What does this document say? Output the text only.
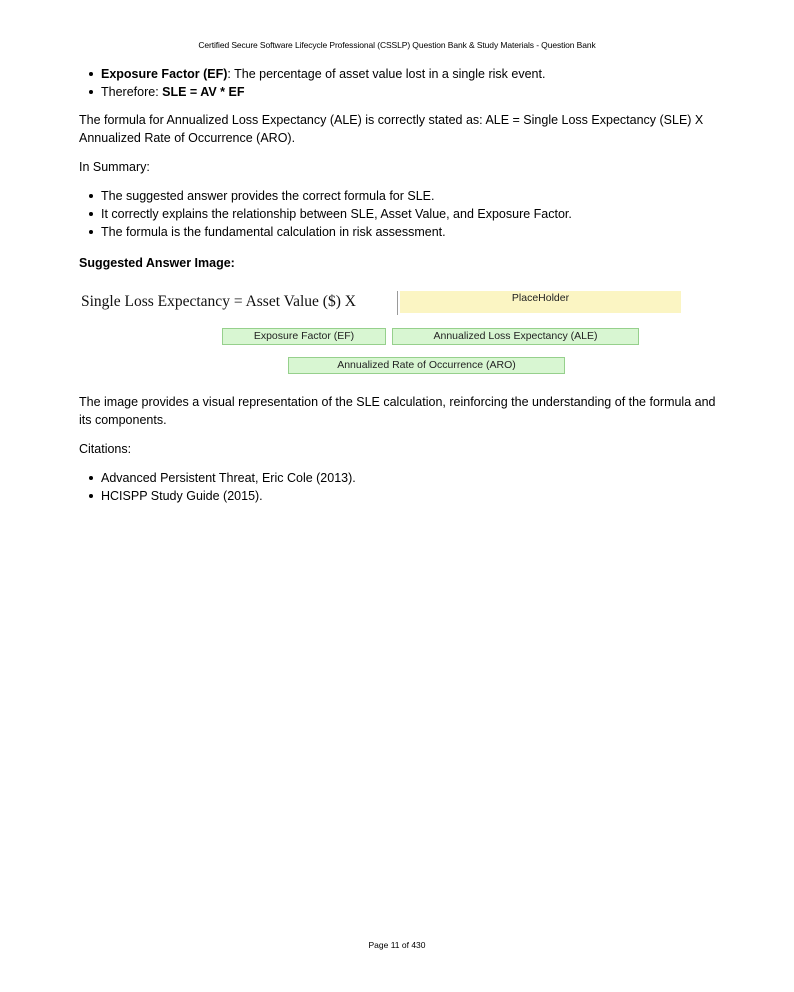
Certified Secure Software Lifecycle Professional (CSSLP) Question Bank & Study Materials - Question Bank
Exposure Factor (EF): The percentage of asset value lost in a single risk event.
Therefore: SLE = AV * EF

The formula for Annualized Loss Expectancy (ALE) is correctly stated as: ALE = Single Loss Expectancy (SLE) X Annualized Rate of Occurrence (ARO).

In Summary:

The suggested answer provides the correct formula for SLE.
It correctly explains the relationship between SLE, Asset Value, and Exposure Factor.
The formula is the fundamental calculation in risk assessment.

Suggested Answer Image:

Single Loss Expectancy = Asset Value ($) X	PlaceHolder
Exposure Factor (EF)	Annualized Loss Expectancy (ALE)
Annualized Rate of Occurrence (ARO)

The image provides a visual representation of the SLE calculation, reinforcing the understanding of the formula and its components.

Citations:

Advanced Persistent Threat, Eric Cole (2013).
HCISPP Study Guide (2015).
Page 11 of 430
